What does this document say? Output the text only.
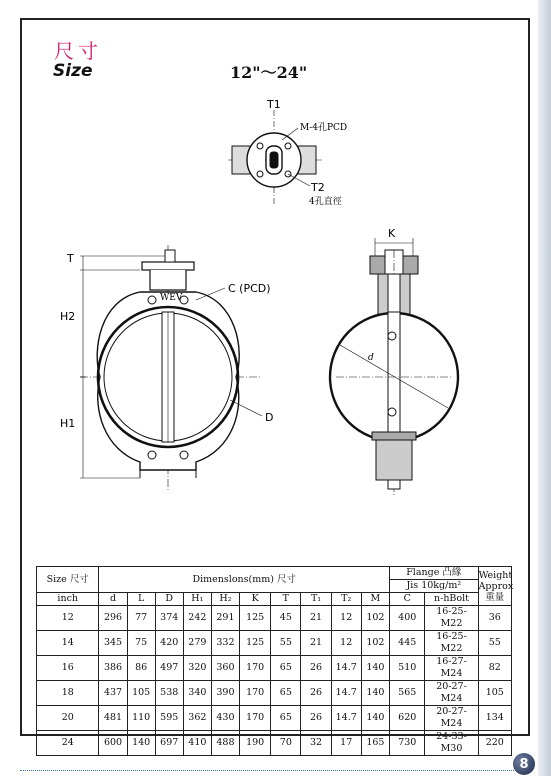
尺寸
Size	12"～24"
T1
M-4孔PCD
T2
4孔直徑
T
H2
H1
C (PCD)
D
WEV
K
d
Size 尺寸	Dimenslons(mm) 尺寸										Flange 凸緣		Weight Approx 重量
											Jis 10kg/m²		
inch	d	L	D	H₁	H₂	K	T	T₁	T₂	M	C	n-hBolt	
12	296	77	374	242	291	125	45	21	12	102	400	16-25-M22	36
14	345	75	420	279	332	125	55	21	12	102	445	16-25-M22	55
16	386	86	497	320	360	170	65	26	14.7	140	510	16-27-M24	82
18	437	105	538	340	390	170	65	26	14.7	140	565	20-27-M24	105
20	481	110	595	362	430	170	65	26	14.7	140	620	20-27-M24	134
24	600	140	697	410	488	190	70	32	17	165	730	24-33-M30	220
8
